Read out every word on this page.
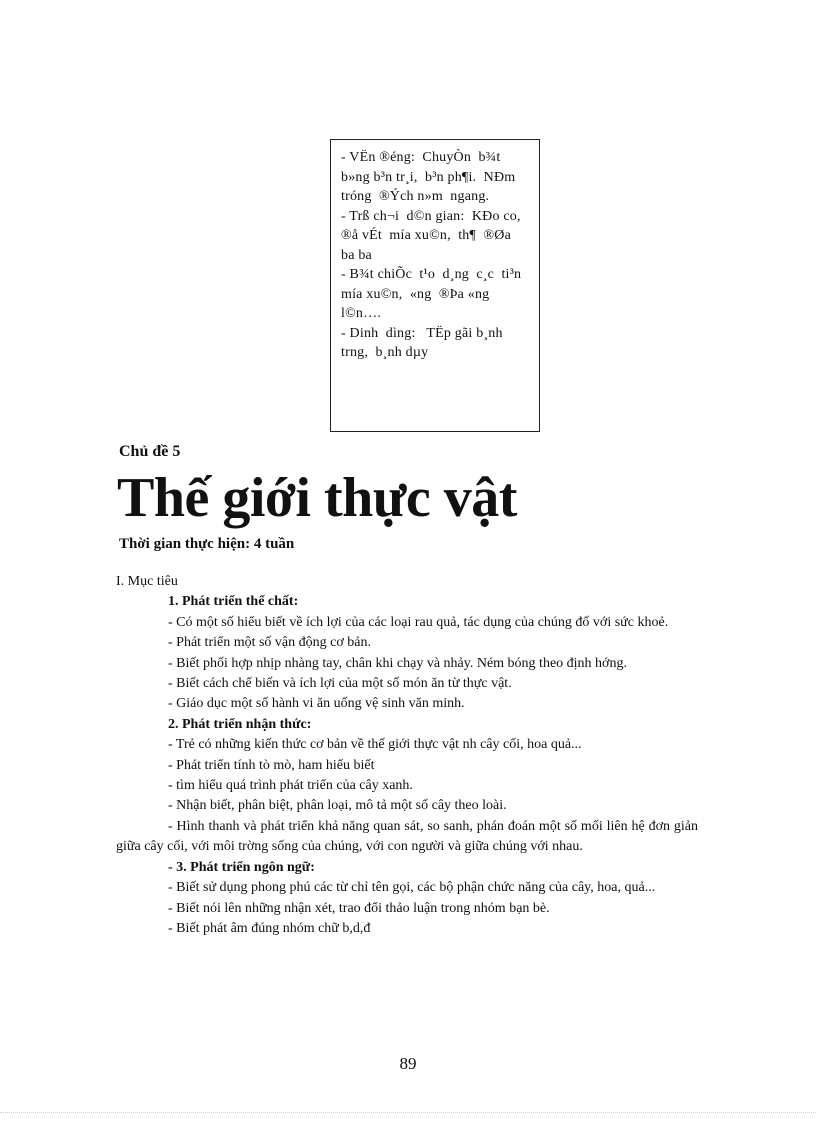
- VËn ®éng:  ChuyÒn  b¾t
b»ng b³n tr¸i,  b³n ph¶i.  NÐm
tróng  ®Ých n»m  ngang.
- Trß ch¬i  d©n gian:  KÐo co,
®å vÉt  mía xu©n,  th¶  ®Øa
ba ba
- B¾t chiÕc  t¹o  d¸ng  c¸c  ti³n
mía xu©n,  «ng  ®Þa «ng
l©n….
- Dinh  dìng:   TËp gãi b¸nh
trng,  b¸nh dµy
Chủ đề 5
Thế giới thực vật
Thời gian thực hiện: 4 tuần

I. Mục tiêu

1. Phát triển thể chất:

- Có một số hiểu biết về ích lợi của các loại rau quả, tác dụng của chúng đố với sức khoẻ.

- Phát triển một số vận động cơ bản.

- Biết phối hợp nhịp nhàng tay, chân khi chạy và nhảy. Ném bóng theo định hớng.

- Biết cách chế biến và ích lợi của một số món ăn từ thực vật.

- Giáo dục một số hành vi ăn uống vệ sinh văn minh.

2. Phát triển nhận thức:

- Trẻ có những kiến thức cơ bản về thế giới thực vật nh cây cối, hoa quả...

- Phát triển tính tò mò, ham hiểu biết

- tìm hiểu quá trình phát triển của cây xanh.

- Nhận biết, phân biệt, phân loại, mô tả một số cây theo loài.

- Hình thanh và phát triển khả năng quan sát, so sanh, phán đoán một số mối liên hệ đơn giản giữa cây cối, với môi trờng sống của chúng, với con người và giữa chúng với nhau.

- 3. Phát triển ngôn ngữ:

- Biết sử dụng phong phú các từ chỉ tên gọi, các bộ phận chức năng của cây, hoa, quả...

- Biết nói lên những nhận xét, trao đổi thảo luận trong nhóm bạn bè.

- Biết phát âm đúng nhóm chữ b,d,đ

89
